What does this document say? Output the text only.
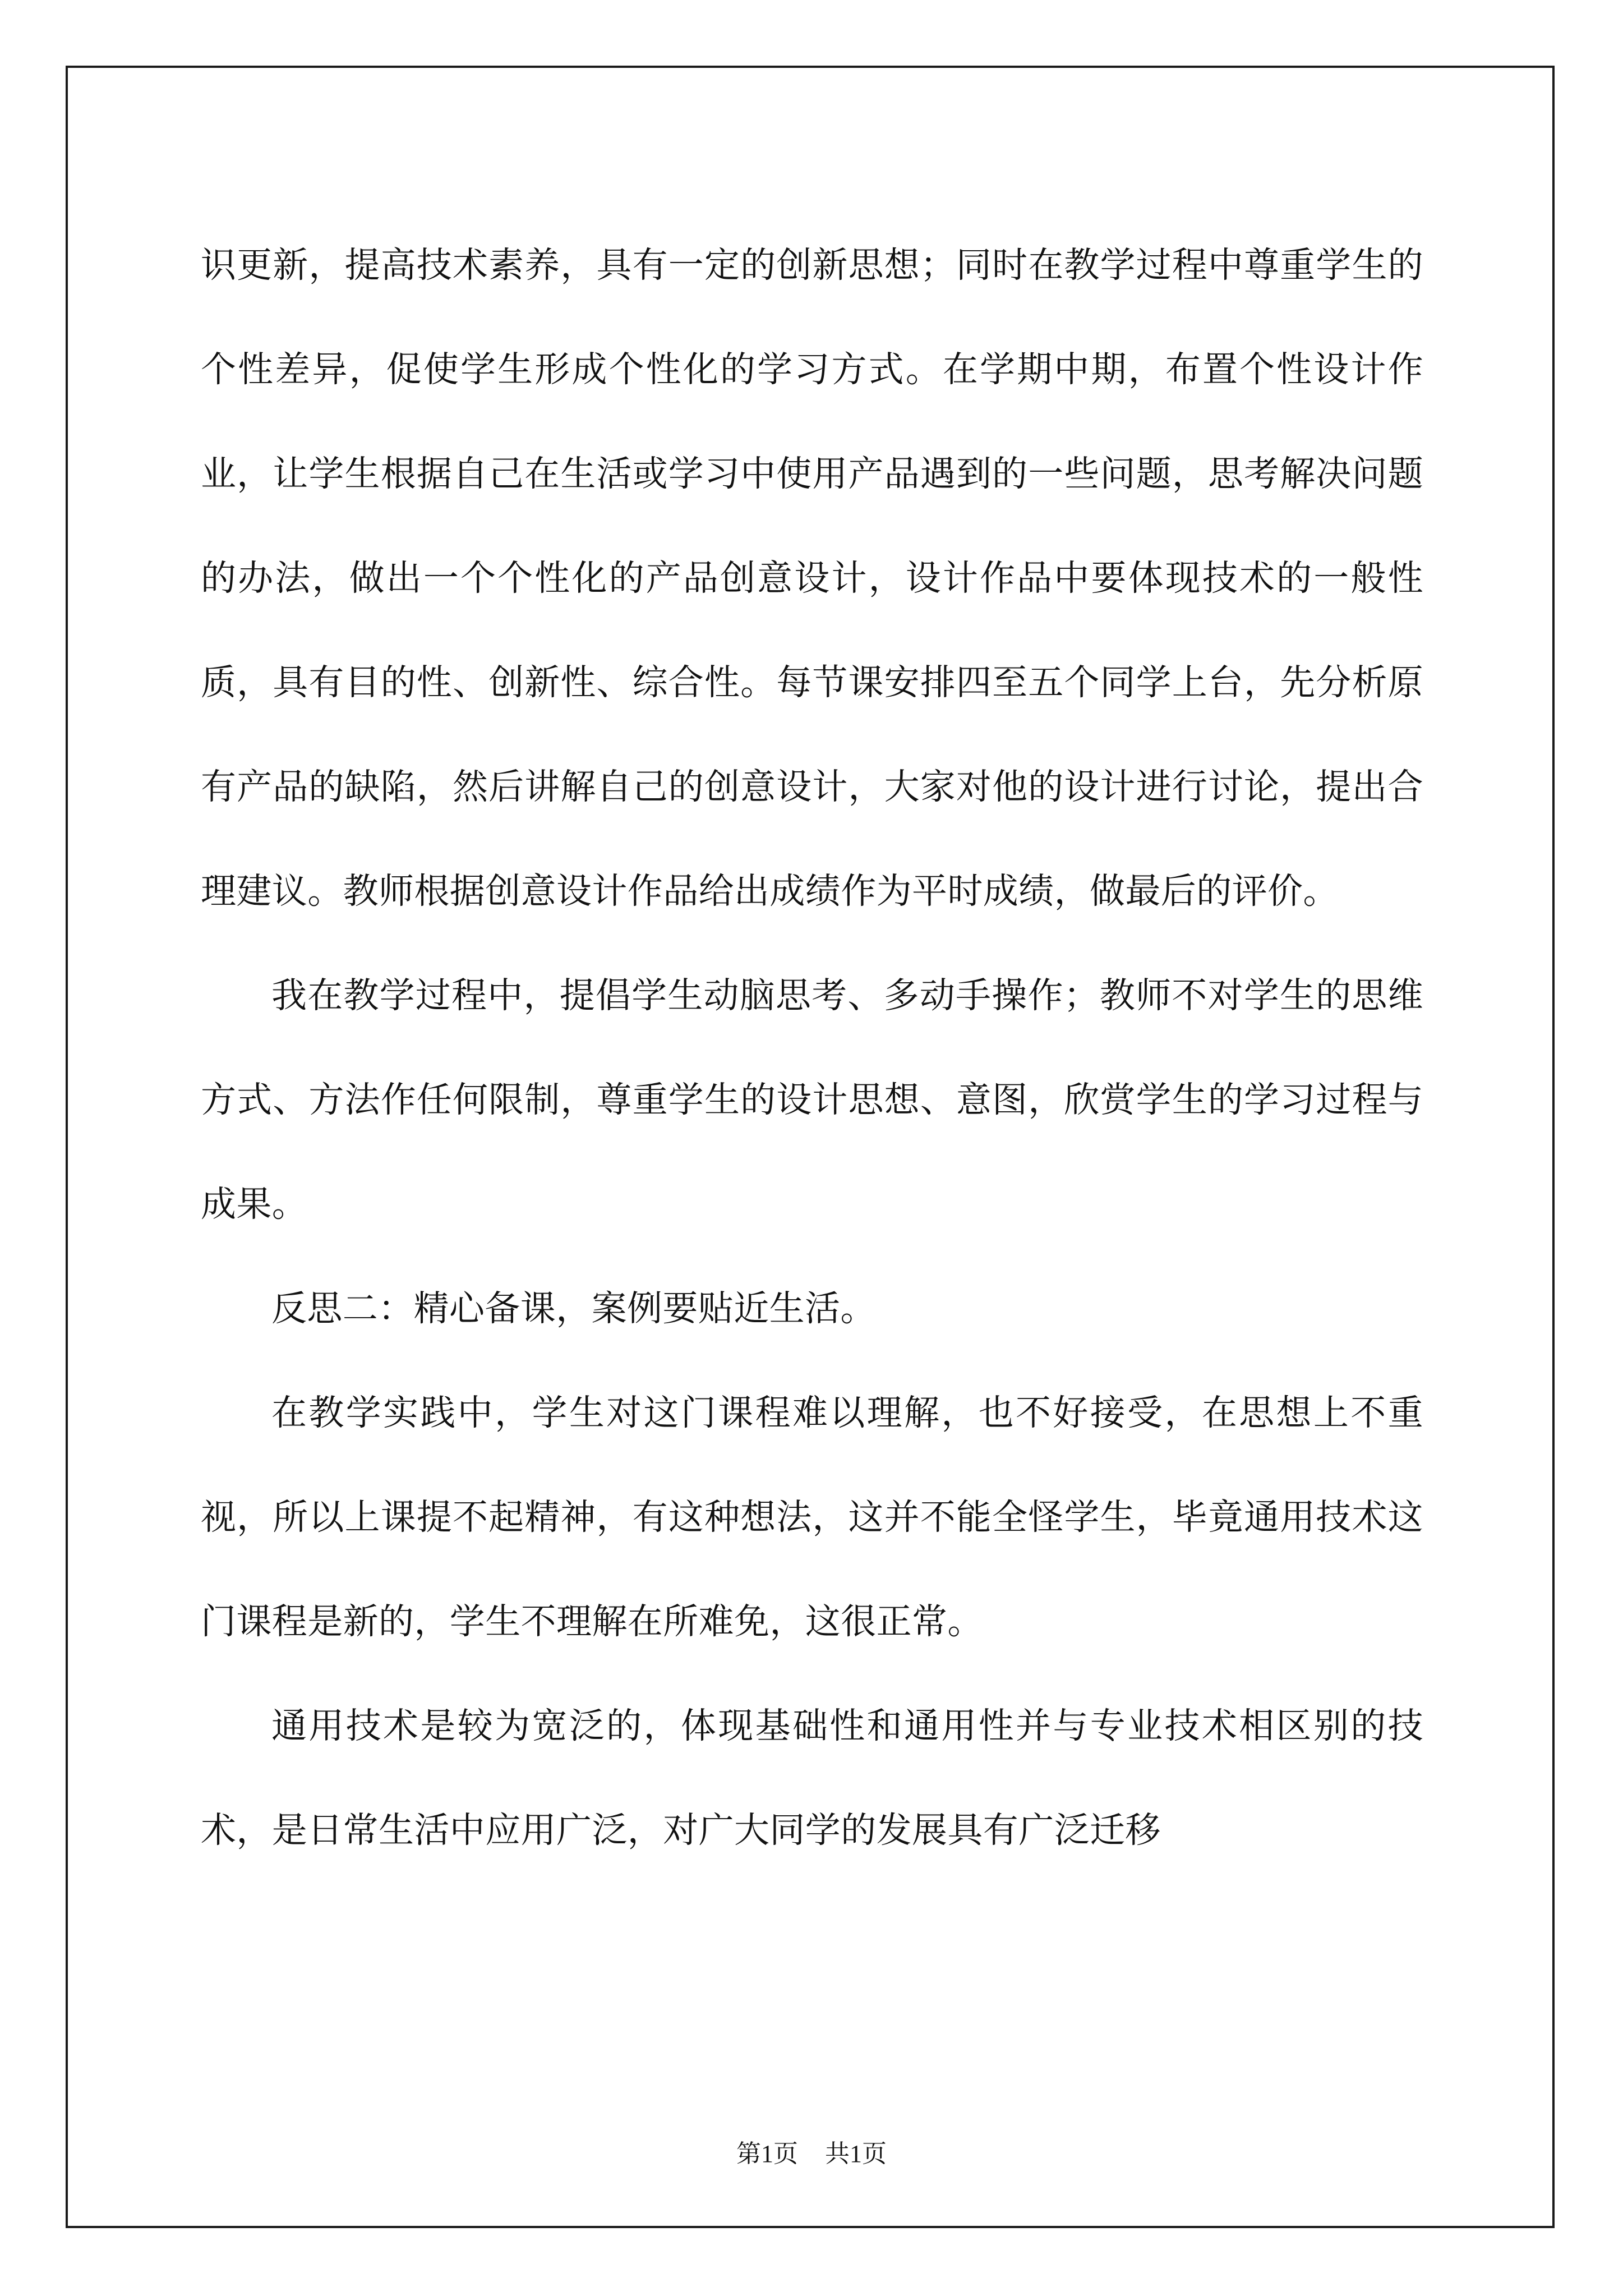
识更新，提高技术素养，具有一定的创新思想；同时在教学过程中尊重学生的个性差异，促使学生形成个性化的学习方式。在学期中期，布置个性设计作业，让学生根据自己在生活或学习中使用产品遇到的一些问题，思考解决问题的办法，做出一个个性化的产品创意设计，设计作品中要体现技术的一般性质，具有目的性、创新性、综合性。每节课安排四至五个同学上台，先分析原有产品的缺陷，然后讲解自己的创意设计，大家对他的设计进行讨论，提出合理建议。教师根据创意设计作品给出成绩作为平时成绩，做最后的评价。

我在教学过程中，提倡学生动脑思考、多动手操作；教师不对学生的思维方式、方法作任何限制，尊重学生的设计思想、意图，欣赏学生的学习过程与成果。

反思二：精心备课，案例要贴近生活。

在教学实践中，学生对这门课程难以理解，也不好接受，在思想上不重视，所以上课提不起精神，有这种想法，这并不能全怪学生，毕竟通用技术这门课程是新的，学生不理解在所难免，这很正常。

通用技术是较为宽泛的，体现基础性和通用性并与专业技术相区别的技术，是日常生活中应用广泛，对广大同学的发展具有广泛迁移

第1页 共1页
